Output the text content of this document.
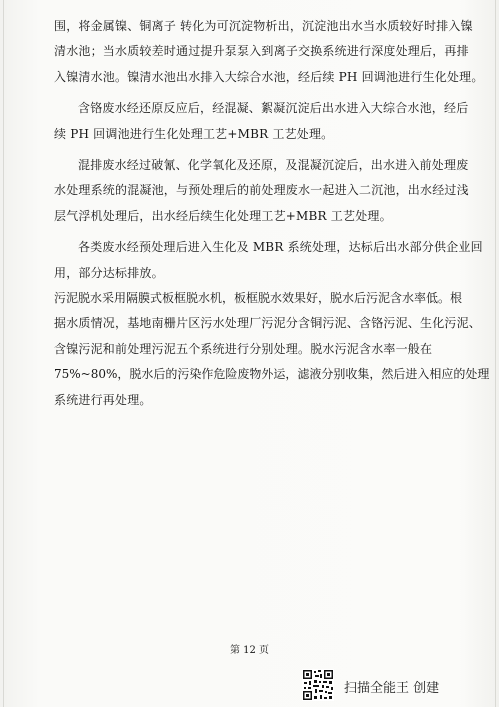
围，将金属镍、铜离子 转化为可沉淀物析出，沉淀池出水当水质较好时排入镍
清水池；当水质较差时通过提升泵泵入到离子交换系统进行深度处理后，再排
入镍清水池。镍清水池出水排入大综合水池，经后续 PH 回调池进行生化处理。
含铬废水经还原反应后，经混凝、絮凝沉淀后出水进入大综合水池，经后
续 PH 回调池进行生化处理工艺+MBR 工艺处理。
混排废水经过破氰、化学氧化及还原，及混凝沉淀后，出水进入前处理废
水处理系统的混凝池，与预处理后的前处理废水一起进入二沉池，出水经过浅
层气浮机处理后，出水经后续生化处理工艺+MBR 工艺处理。
各类废水经预处理后进入生化及 MBR 系统处理，达标后出水部分供企业回
用，部分达标排放。
污泥脱水采用隔膜式板框脱水机，板框脱水效果好，脱水后污泥含水率低。根
据水质情况，基地南栅片区污水处理厂污泥分含铜污泥、含铬污泥、生化污泥、
含镍污泥和前处理污泥五个系统进行分别处理。脱水污泥含水率一般在
75%~80%，脱水后的污染作危险废物外运，滤液分别收集，然后进入相应的处理
系统进行再处理。
第 12 页
扫描全能王 创建
